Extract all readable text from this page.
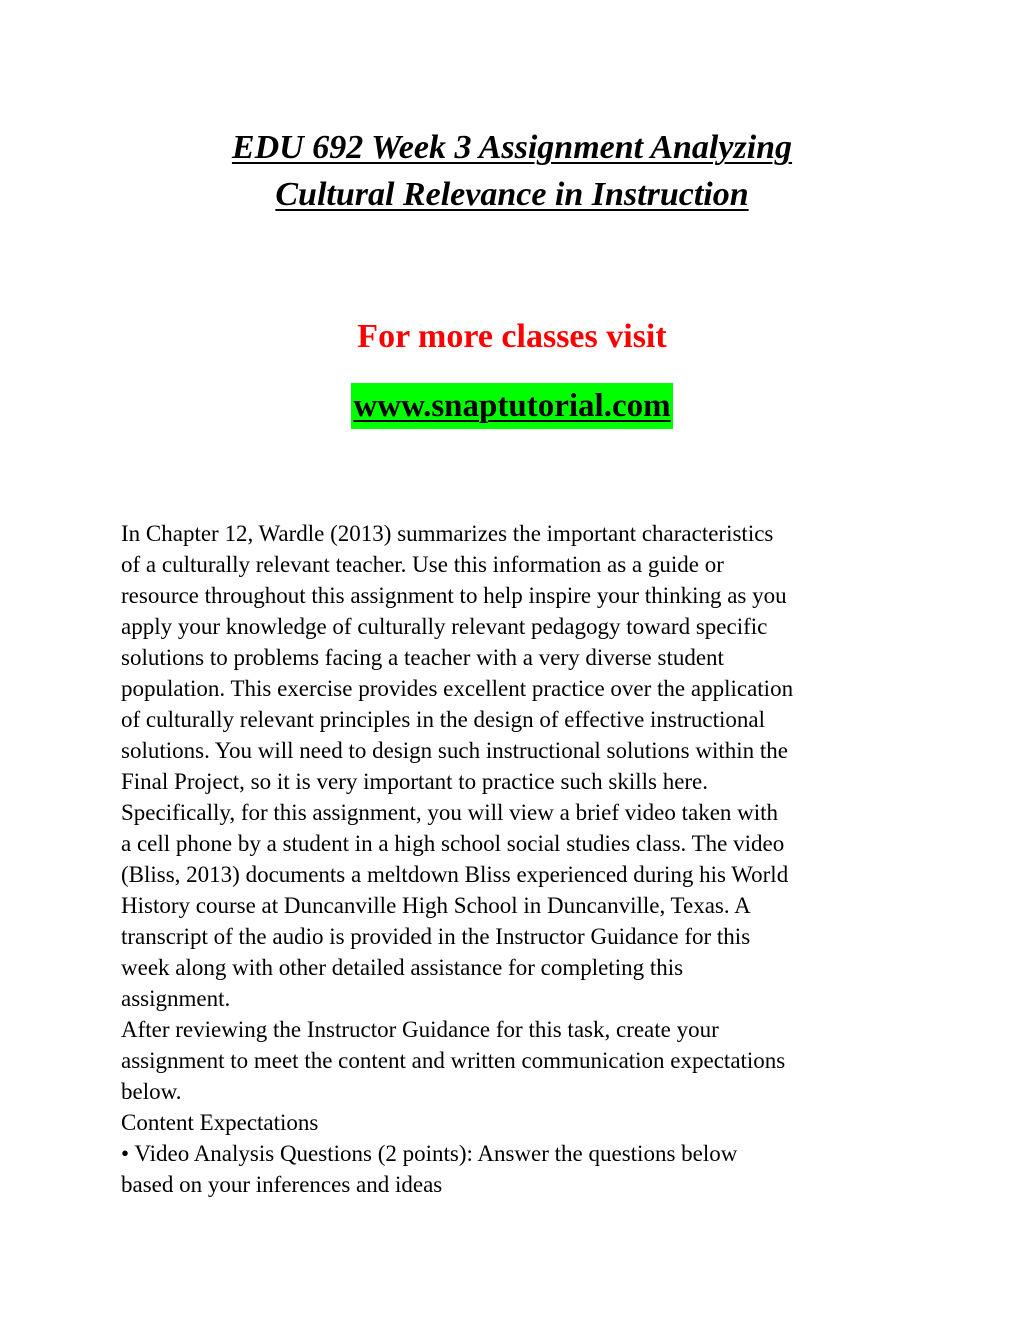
EDU 692 Week 3 Assignment Analyzing
Cultural Relevance in Instruction
For more classes visit
www.snaptutorial.com
In Chapter 12, Wardle (2013) summarizes the important characteristics
of a culturally relevant teacher. Use this information as a guide or
resource throughout this assignment to help inspire your thinking as you
apply your knowledge of culturally relevant pedagogy toward specific
solutions to problems facing a teacher with a very diverse student
population. This exercise provides excellent practice over the application
of culturally relevant principles in the design of effective instructional
solutions. You will need to design such instructional solutions within the
Final Project, so it is very important to practice such skills here.
Specifically, for this assignment, you will view a brief video taken with
a cell phone by a student in a high school social studies class. The video
(Bliss, 2013) documents a meltdown Bliss experienced during his World
History course at Duncanville High School in Duncanville, Texas. A
transcript of the audio is provided in the Instructor Guidance for this
week along with other detailed assistance for completing this
assignment.
After reviewing the Instructor Guidance for this task, create your
assignment to meet the content and written communication expectations
below.
Content Expectations
• Video Analysis Questions (2 points): Answer the questions below
based on your inferences and ideas
